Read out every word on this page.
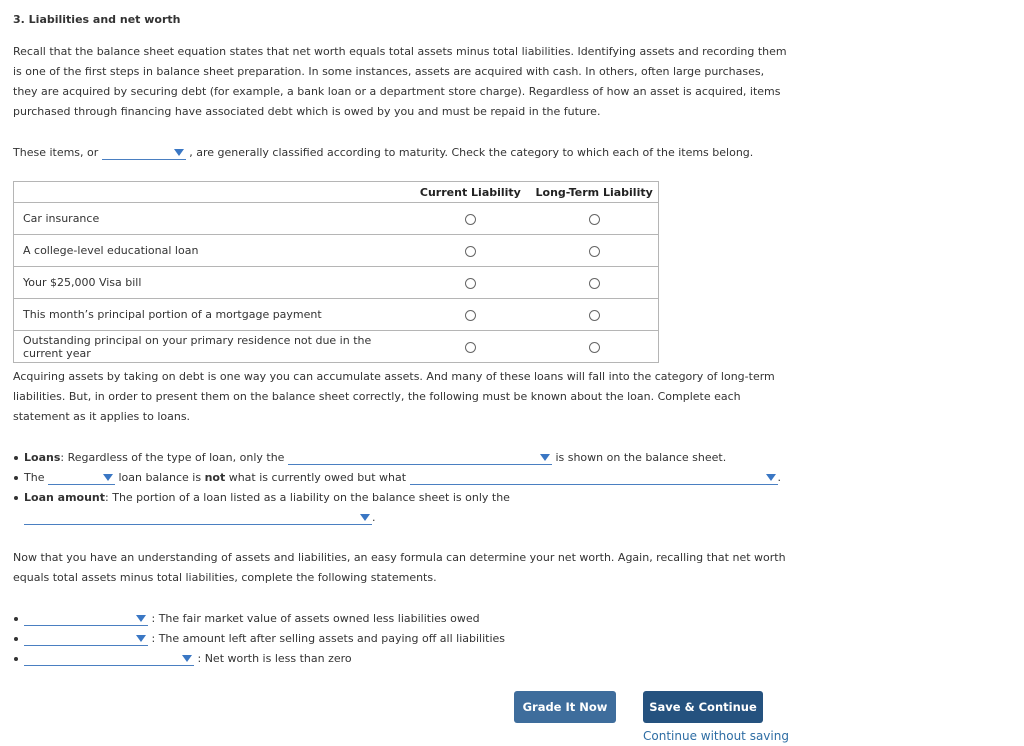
3. Liabilities and net worth
Recall that the balance sheet equation states that net worth equals total assets minus total liabilities. Identifying assets and recording them is one of the first steps in balance sheet preparation. In some instances, assets are acquired with cash. In others, often large purchases, they are acquired by securing debt (for example, a bank loan or a department store charge). Regardless of how an asset is acquired, items purchased through financing have associated debt which is owed by you and must be repaid in the future.
These items, or	, are generally classified according to maturity. Check the category to which each of the items belong.
	Current Liability	Long-Term Liability
Car insurance		
A college-level educational loan		
Your $25,000 Visa bill		
This month’s principal portion of a mortgage payment		
Outstanding principal on your primary residence not due in the current year		
Acquiring assets by taking on debt is one way you can accumulate assets. And many of these loans will fall into the category of long-term liabilities. But, in order to present them on the balance sheet correctly, the following must be known about the loan. Complete each statement as it applies to loans.
Loans: Regardless of the type of loan, only the	is shown on the balance sheet.
The	loan balance is not what is currently owed but what	.
Loan amount: The portion of a loan listed as a liability on the balance sheet is only the
.
Now that you have an understanding of assets and liabilities, an easy formula can determine your net worth. Again, recalling that net worth equals total assets minus total liabilities, complete the following statements.
: The fair market value of assets owned less liabilities owed
: The amount left after selling assets and paying off all liabilities
: Net worth is less than zero
Grade It Now	Save & Continue
Continue without saving
